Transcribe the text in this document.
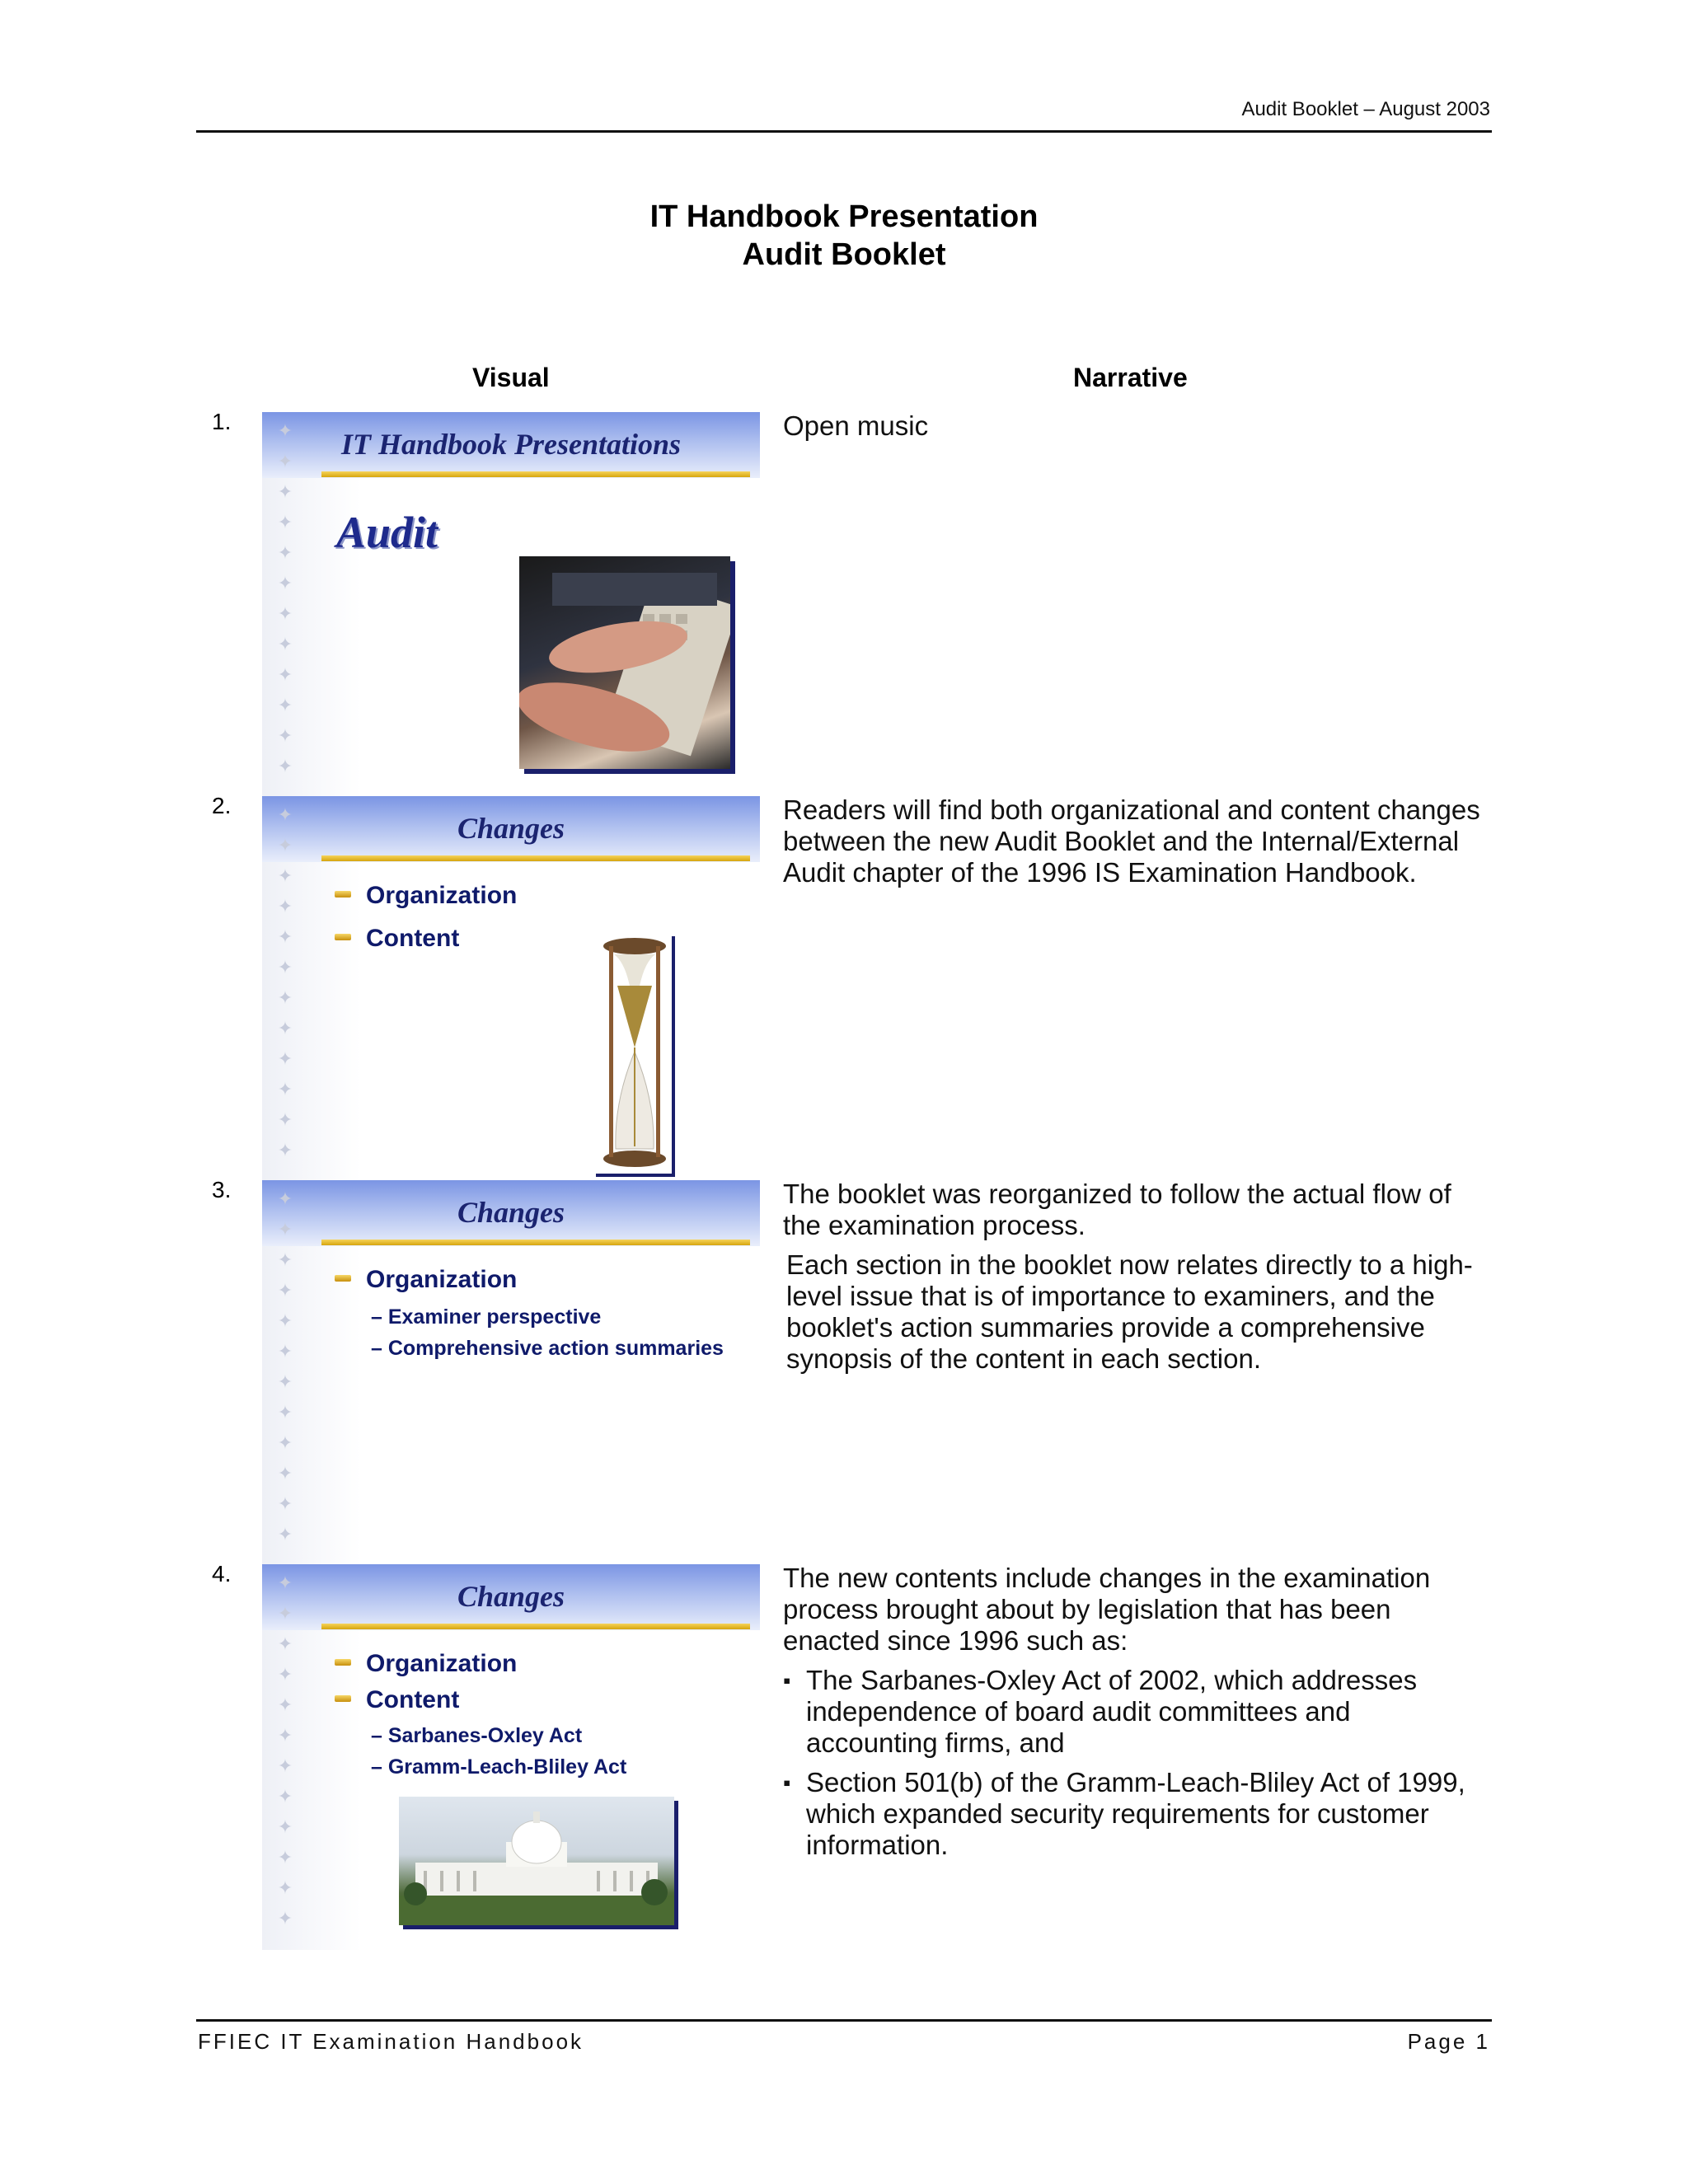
Audit Booklet – August 2003
IT Handbook Presentation
Audit Booklet
Visual	Narrative
1.	✦
✦
✦
✦
✦
✦
✦
✦
✦
✦
✦
✦
IT Handbook Presentations
Audit

Open music

2.	✦
✦
✦
✦
✦
✦
✦
✦
✦
✦
✦
✦
Changes
Organization
Content

Readers will find both organizational and content changes between the new Audit Booklet and the Internal/External Audit chapter of the 1996 IS Examination Handbook.

3.	✦
✦
✦
✦
✦
✦
✦
✦
✦
✦
✦
✦
Changes
Organization
– Examiner perspective
– Comprehensive action summaries

The booklet was reorganized to follow the actual flow of the examination process.

Each section in the booklet now relates directly to a high-level issue that is of importance to examiners, and the booklet's action summaries provide a comprehensive synopsis of the content in each section.

4.	✦
✦
✦
✦
✦
✦
✦
✦
✦
✦
✦
✦
Changes
Organization
Content
– Sarbanes-Oxley Act
– Gramm-Leach-Bliley Act

The new contents include changes in the examination process brought about by legislation that has been enacted since 1996 such as:

▪ The Sarbanes-Oxley Act of 2002, which addresses independence of board audit committees and accounting firms, and
▪ Section 501(b) of the Gramm-Leach-Bliley Act of 1999, which expanded security requirements for customer information.
FFIEC IT Examination Handbook	Page 1
